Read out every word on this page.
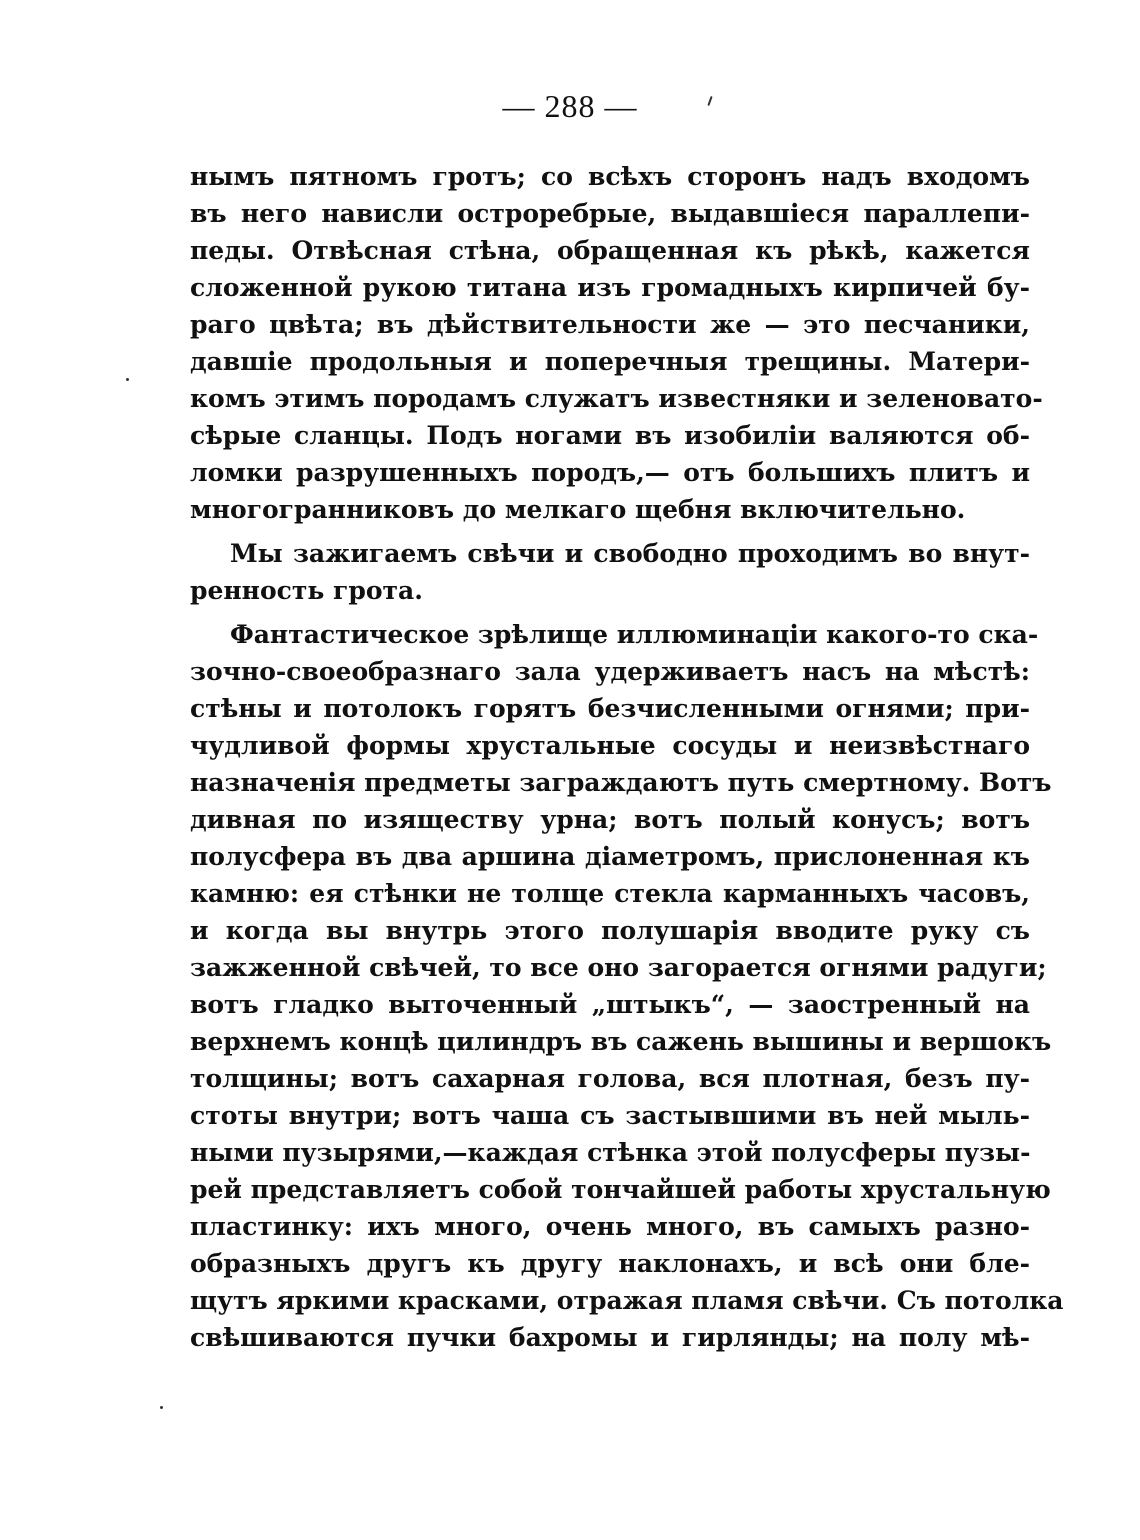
— 288 —
нымъ пятномъ гротъ; со всѣхъ сторонъ надъ входомъ
въ него нависли остроребрые, выдавшіеся параллепи-
педы. Отвѣсная стѣна, обращенная къ рѣкѣ, кажется
сложенной рукою титана изъ громадныхъ кирпичей бу-
раго цвѣта; въ дѣйствительности же — это песчаники,
давшіе продольныя и поперечныя трещины. Матери-
комъ этимъ породамъ служатъ известняки и зеленовато-
сѣрые сланцы. Подъ ногами въ изобиліи валяются об-
ломки разрушенныхъ породъ,— отъ большихъ плитъ и
многогранниковъ до мелкаго щебня включительно.
Мы зажигаемъ свѣчи и свободно проходимъ во внут-
ренность грота.
Фантастическое зрѣлище иллюминаціи какого-то ска-
зочно-своеобразнаго зала удерживаетъ насъ на мѣстѣ:
стѣны и потолокъ горятъ безчисленными огнями; при-
чудливой формы хрустальные сосуды и неизвѣстнаго
назначенія предметы заграждаютъ путь смертному. Вотъ
дивная по изяществу урна; вотъ полый конусъ; вотъ
полусфера въ два аршина діаметромъ, прислоненная къ
камню: ея стѣнки не толще стекла карманныхъ часовъ,
и когда вы внутрь этого полушарія вводите руку съ
зажженной свѣчей, то все оно загорается огнями радуги;
вотъ гладко выточенный „штыкъ“, — заостренный на
верхнемъ концѣ цилиндръ въ сажень вышины и вершокъ
толщины; вотъ сахарная голова, вся плотная, безъ пу-
стоты внутри; вотъ чаша съ застывшими въ ней мыль-
ными пузырями,—каждая стѣнка этой полусферы пузы-
рей представляетъ собой тончайшей работы хрустальную
пластинку: ихъ много, очень много, въ самыхъ разно-
образныхъ другъ къ другу наклонахъ, и всѣ они бле-
щутъ яркими красками, отражая пламя свѣчи. Съ потолка
свѣшиваются пучки бахромы и гирлянды; на полу мѣ-
